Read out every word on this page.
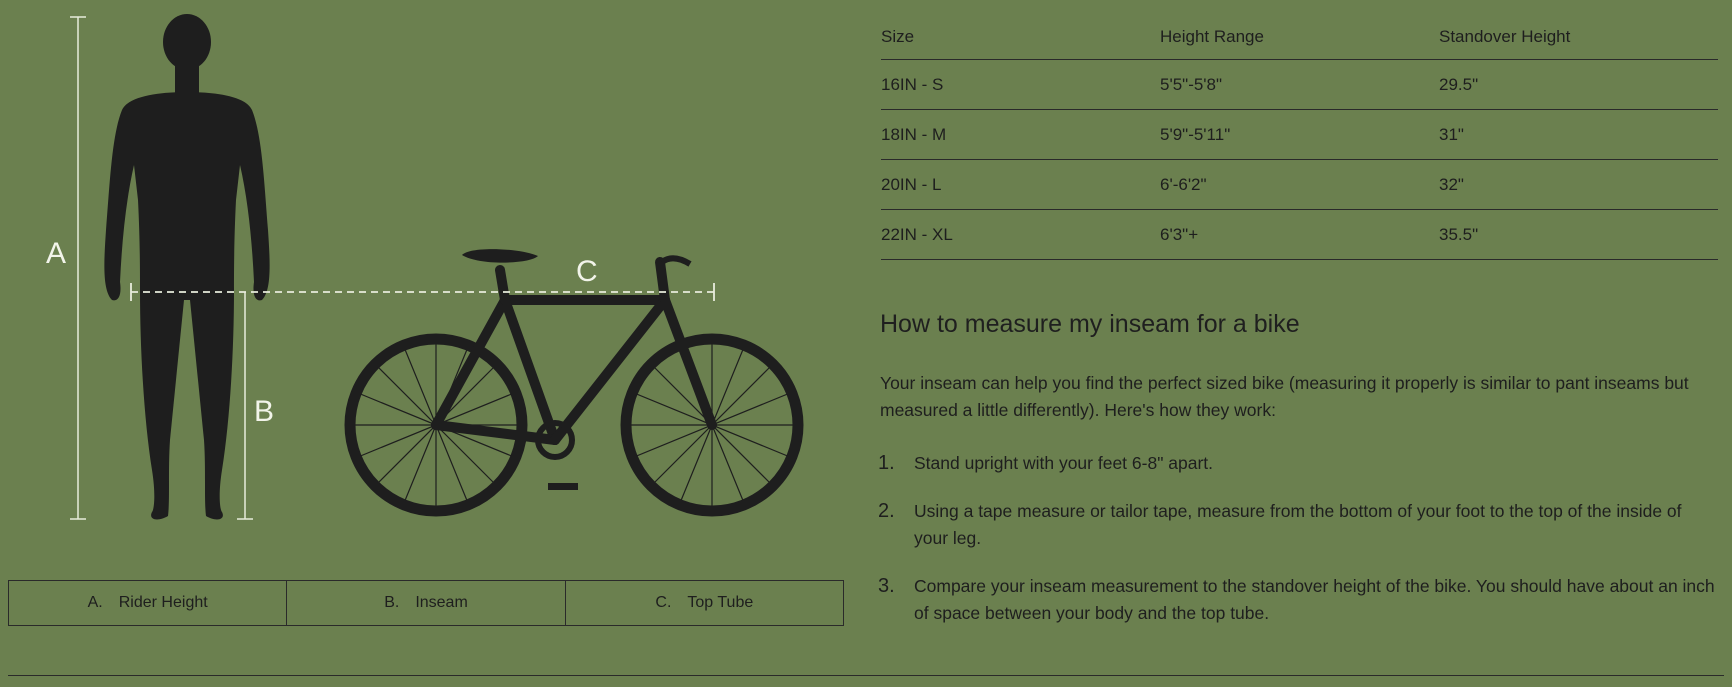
A
B
C
A. Rider Height	B. Inseam	C. Top Tube
Size	Height Range	Standover Height
16IN - S	5'5"-5'8"	29.5"
18IN - M	5'9"-5'11"	31"
20IN - L	6'-6'2"	32"
22IN - XL	6'3"+	35.5"
How to measure my inseam for a bike

Your inseam can help you find the perfect sized bike (measuring it properly is similar to pant inseams but measured a little differently). Here's how they work:

1.	Stand upright with your feet 6-8" apart.
2.	Using a tape measure or tailor tape, measure from the bottom of your foot to the top of the inside of your leg.
3.	Compare your inseam measurement to the standover height of the bike. You should have about an inch of space between your body and the top tube.
